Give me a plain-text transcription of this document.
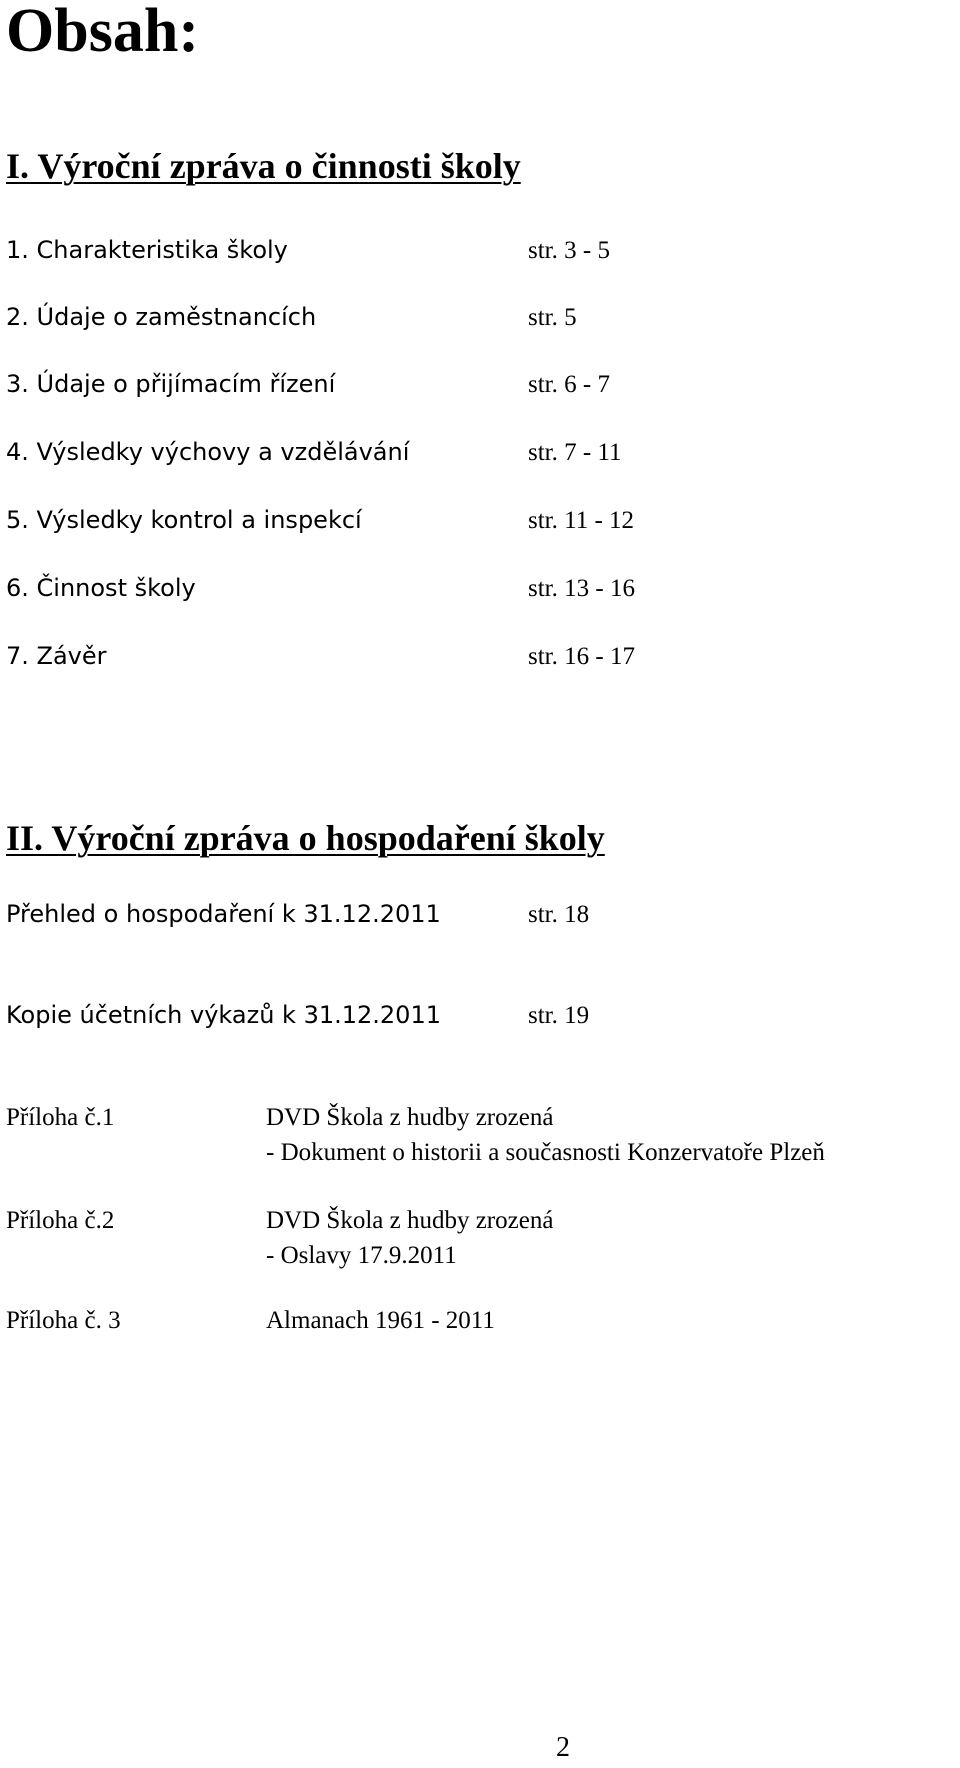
Obsah:
I. Výroční zpráva o činnosti školy
1. Charakteristika školy	str. 3 - 5
2. Údaje o zaměstnancích	str. 5
3. Údaje o přijímacím řízení	str. 6 - 7
4. Výsledky výchovy a vzdělávání	str. 7 - 11
5. Výsledky kontrol a inspekcí	str. 11 - 12
6. Činnost školy	str. 13 - 16
7. Závěr	str. 16 - 17
II. Výroční zpráva o hospodaření školy
Přehled o hospodaření k 31.12.2011	str. 18
Kopie účetních výkazů k 31.12.2011	str. 19
Příloha č.1	DVD Škola z hudby zrozená
- Dokument o historii a současnosti Konzervatoře Plzeň
Příloha č.2	DVD Škola z hudby zrozená
- Oslavy 17.9.2011
Příloha č. 3	Almanach 1961 - 2011
2
